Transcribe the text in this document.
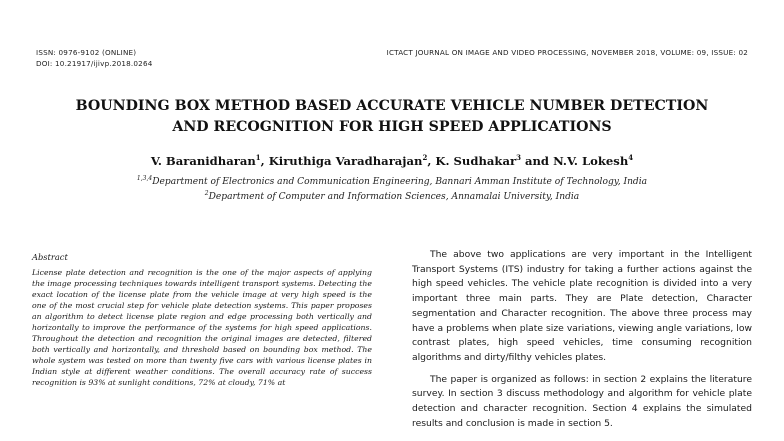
ISSN: 0976-9102 (ONLINE)
DOI: 10.21917/ijivp.2018.0264
ICTACT JOURNAL ON IMAGE AND VIDEO PROCESSING, NOVEMBER 2018, VOLUME: 09, ISSUE: 02
BOUNDING BOX METHOD BASED ACCURATE VEHICLE NUMBER DETECTION
AND RECOGNITION FOR HIGH SPEED APPLICATIONS
V. Baranidharan$^1$, Kiruthiga Varadharajan$^2$, K. Sudhakar$^3$ and N.V. Lokesh$^4$
$^{1,3,4}$Department of Electronics and Communication Engineering, Bannari Amman Institute of Technology, India
$^2$Department of Computer and Information Sciences, Annamalai University, India
Abstract
License plate detection and recognition is the one of the major aspects of applying the image processing techniques towards intelligent transport systems. Detecting the exact location of the license plate from the vehicle image at very high speed is the one of the most crucial step for vehicle plate detection systems. This paper proposes an algorithm to detect license plate region and edge processing both vertically and horizontally to improve the performance of the systems for high speed applications. Throughout the detection and recognition the original images are detected, filtered both vertically and horizontally, and threshold based on bounding box method. The whole system was tested on more than twenty five cars with various license plates in Indian style at different weather conditions. The overall accuracy rate of success recognition is 93% at sunlight conditions, 72% at cloudy, 71% at

The above two applications are very important in the Intelligent Transport Systems (ITS) industry for taking a further actions against the high speed vehicles. The vehicle plate recognition is divided into a very important three main parts. They are Plate detection, Character segmentation and Character recognition. The above three process may have a problems when plate size variations, viewing angle variations, low contrast plates, high speed vehicles, time consuming recognition algorithms and dirty/filthy vehicles plates.

The paper is organized as follows: in section 2 explains the literature survey. In section 3 discuss methodology and algorithm for vehicle plate detection and character recognition. Section 4 explains the simulated results and conclusion is made in section 5.
